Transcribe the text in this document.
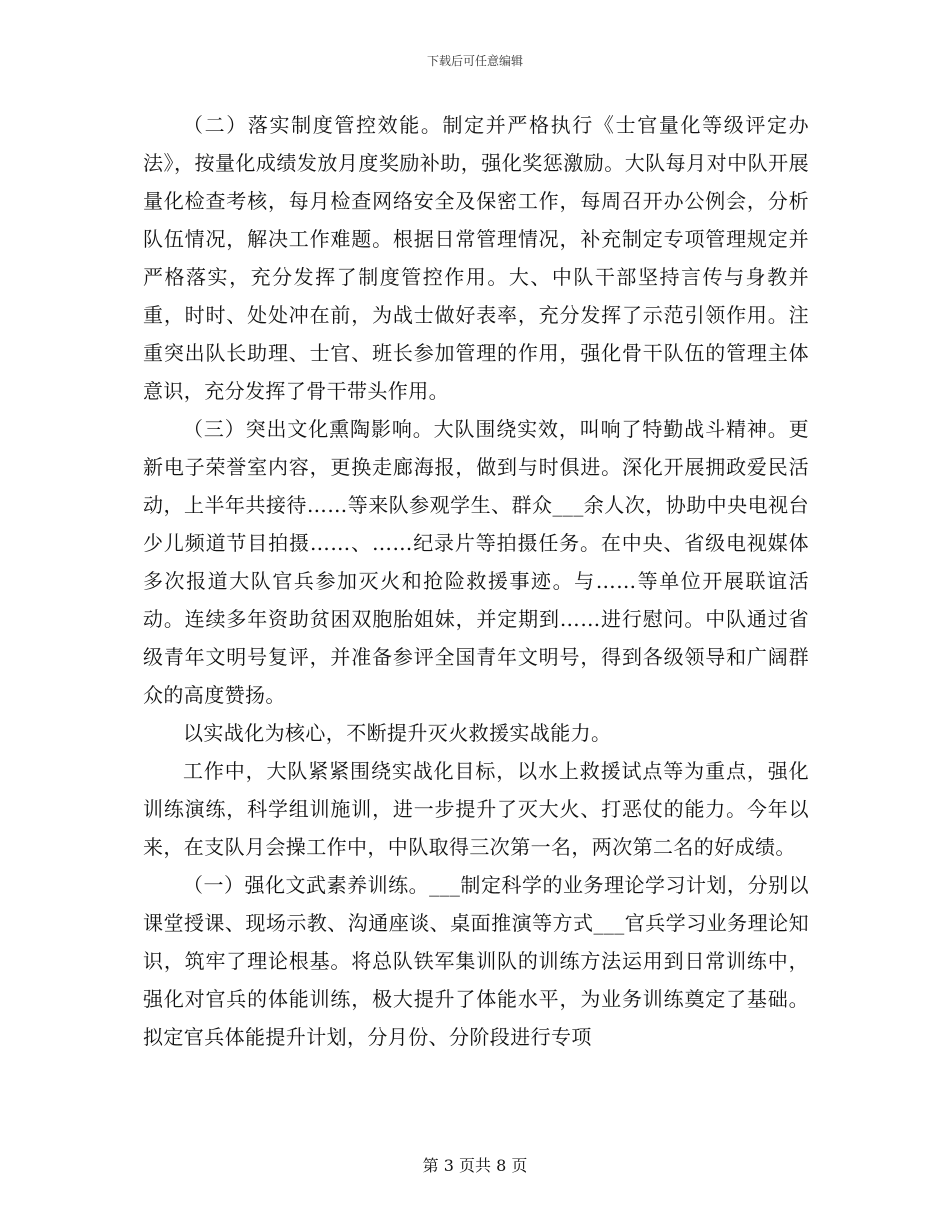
下载后可任意编辑

（二）落实制度管控效能。制定并严格执行《士官量化等级评定办法》，按量化成绩发放月度奖励补助，强化奖惩激励。大队每月对中队开展量化检查考核，每月检查网络安全及保密工作，每周召开办公例会，分析队伍情况，解决工作难题。根据日常管理情况，补充制定专项管理规定并严格落实，充分发挥了制度管控作用。大、中队干部坚持言传与身教并重，时时、处处冲在前，为战士做好表率，充分发挥了示范引领作用。注重突出队长助理、士官、班长参加管理的作用，强化骨干队伍的管理主体意识，充分发挥了骨干带头作用。

（三）突出文化熏陶影响。大队围绕实效，叫响了特勤战斗精神。更新电子荣誉室内容，更换走廊海报，做到与时俱进。深化开展拥政爱民活动，上半年共接待……等来队参观学生、群众___余人次，协助中央电视台少儿频道节目拍摄……、……纪录片等拍摄任务。在中央、省级电视媒体多次报道大队官兵参加灭火和抢险救援事迹。与……等单位开展联谊活动。连续多年资助贫困双胞胎姐妹，并定期到……进行慰问。中队通过省级青年文明号复评，并准备参评全国青年文明号，得到各级领导和广阔群众的高度赞扬。

以实战化为核心，不断提升灭火救援实战能力。

工作中，大队紧紧围绕实战化目标，以水上救援试点等为重点，强化训练演练，科学组训施训，进一步提升了灭大火、打恶仗的能力。今年以来，在支队月会操工作中，中队取得三次第一名，两次第二名的好成绩。

（一）强化文武素养训练。___制定科学的业务理论学习计划，分别以课堂授课、现场示教、沟通座谈、桌面推演等方式___官兵学习业务理论知识，筑牢了理论根基。将总队铁军集训队的训练方法运用到日常训练中，强化对官兵的体能训练，极大提升了体能水平，为业务训练奠定了基础。拟定官兵体能提升计划，分月份、分阶段进行专项

第 3 页共 8 页
